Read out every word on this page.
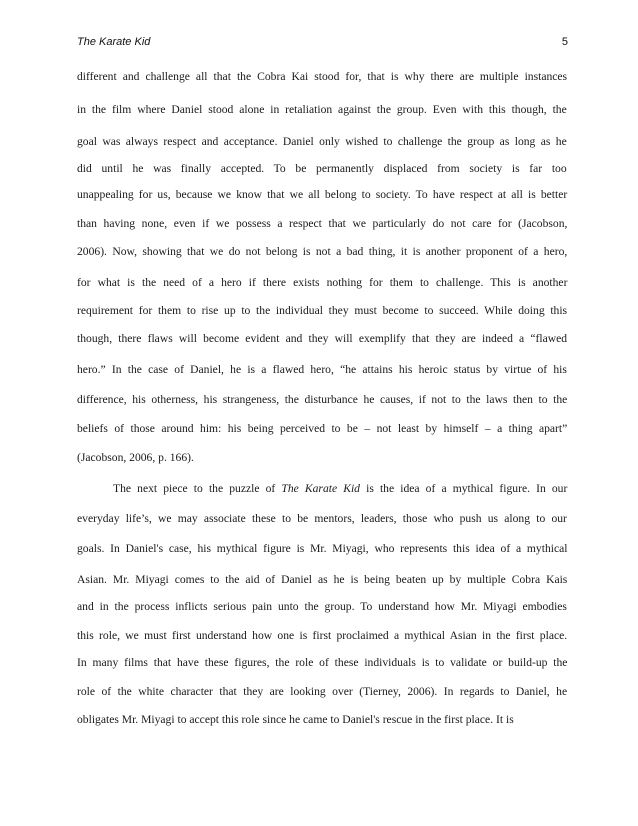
The Karate Kid	5
different and challenge all that the Cobra Kai stood for, that is why there are multiple instances
in the film where Daniel stood alone in retaliation against the group. Even with this though, the
goal was always respect and acceptance. Daniel only wished to challenge the group as long as he
did until he was finally accepted. To be permanently displaced from society is far too
unappealing for us, because we know that we all belong to society. To have respect at all is better
than having none, even if we possess a respect that we particularly do not care for (Jacobson,
2006). Now, showing that we do not belong is not a bad thing, it is another proponent of a hero,
for what is the need of a hero if there exists nothing for them to challenge. This is another
requirement for them to rise up to the individual they must become to succeed. While doing this
though, there flaws will become evident and they will exemplify that they are indeed a “flawed
hero.” In the case of Daniel, he is a flawed hero, “he attains his heroic status by virtue of his
difference, his otherness, his strangeness, the disturbance he causes, if not to the laws then to the
beliefs of those around him: his being perceived to be – not least by himself – a thing apart”
(Jacobson, 2006, p. 166).
The next piece to the puzzle of The Karate Kid is the idea of a mythical figure. In our
everyday life’s, we may associate these to be mentors, leaders, those who push us along to our
goals. In Daniel's case, his mythical figure is Mr. Miyagi, who represents this idea of a mythical
Asian. Mr. Miyagi comes to the aid of Daniel as he is being beaten up by multiple Cobra Kais
and in the process inflicts serious pain unto the group. To understand how Mr. Miyagi embodies
this role, we must first understand how one is first proclaimed a mythical Asian in the first place.
In many films that have these figures, the role of these individuals is to validate or build-up the
role of the white character that they are looking over (Tierney, 2006). In regards to Daniel, he
obligates Mr. Miyagi to accept this role since he came to Daniel's rescue in the first place. It is
